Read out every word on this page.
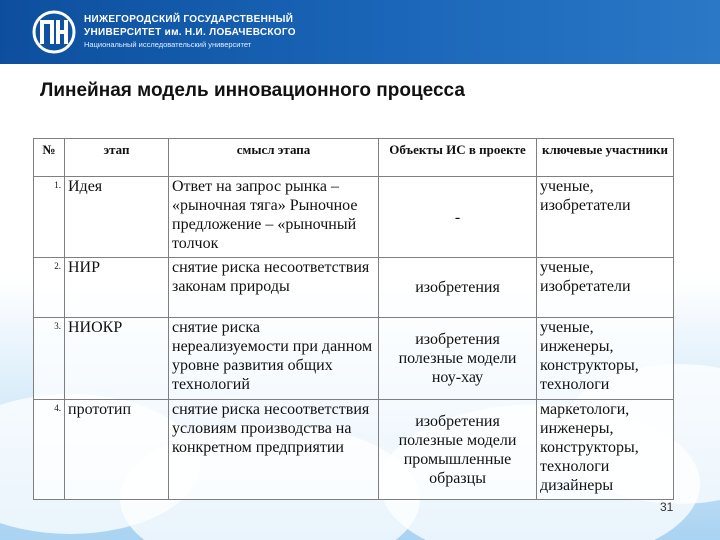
НИЖЕГОРОДСКИЙ ГОСУДАРСТВЕННЫЙ
УНИВЕРСИТЕТ им. Н.И. ЛОБАЧЕВСКОГО
Национальный исследовательский университет
Линейная модель инновационного процесса
№	этап	смысл этапа	Объекты ИС в проекте	ключевые участники
1.	Идея	Ответ на запрос рынка – «рыночная тяга» Рыночное предложение – «рыночный толчок	-	ученые, изобретатели
2.	НИР	снятие риска несоответствия законам природы	изобретения	ученые, изобретатели
3.	НИОКР	снятие риска нереализуемости при данном уровне развития общих технологий	изобретения полезные модели ноу-хау	ученые, инженеры, конструкторы, технологи
4.	прототип	снятие риска несоответствия условиям производства на конкретном предприятии	изобретения полезные модели промышленные образцы	маркетологи, инженеры, конструкторы, технологи дизайнеры
31
